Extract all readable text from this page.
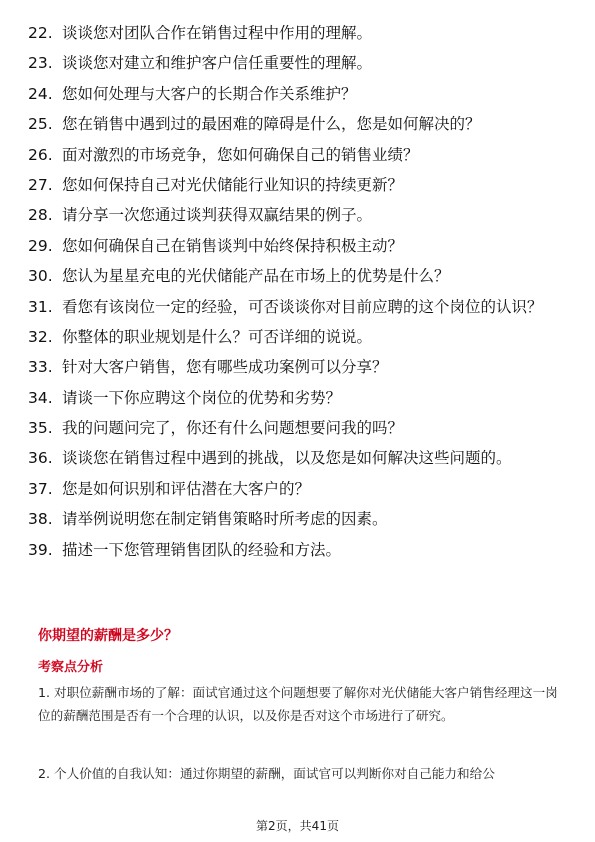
22. 谈谈您对团队合作在销售过程中作用的理解。
23. 谈谈您对建立和维护客户信任重要性的理解。
24. 您如何处理与大客户的长期合作关系维护？
25. 您在销售中遇到过的最困难的障碍是什么，您是如何解决的？
26. 面对激烈的市场竞争，您如何确保自己的销售业绩？
27. 您如何保持自己对光伏储能行业知识的持续更新？
28. 请分享一次您通过谈判获得双赢结果的例子。
29. 您如何确保自己在销售谈判中始终保持积极主动？
30. 您认为星星充电的光伏储能产品在市场上的优势是什么？
31. 看您有该岗位一定的经验，可否谈谈你对目前应聘的这个岗位的认识？
32. 你整体的职业规划是什么？可否详细的说说。
33. 针对大客户销售，您有哪些成功案例可以分享？
34. 请谈一下你应聘这个岗位的优势和劣势？
35. 我的问题问完了，你还有什么问题想要问我的吗？
36. 谈谈您在销售过程中遇到的挑战，以及您是如何解决这些问题的。
37. 您是如何识别和评估潜在大客户的？
38. 请举例说明您在制定销售策略时所考虑的因素。
39. 描述一下您管理销售团队的经验和方法。
你期望的薪酬是多少？
考察点分析
1. 对职位薪酬市场的了解：面试官通过这个问题想要了解你对光伏储能大客户销售经理这一岗位的薪酬范围是否有一个合理的认识，以及你是否对这个市场进行了研究。
2. 个人价值的自我认知：通过你期望的薪酬，面试官可以判断你对自己能力和给公
第2页，共41页
